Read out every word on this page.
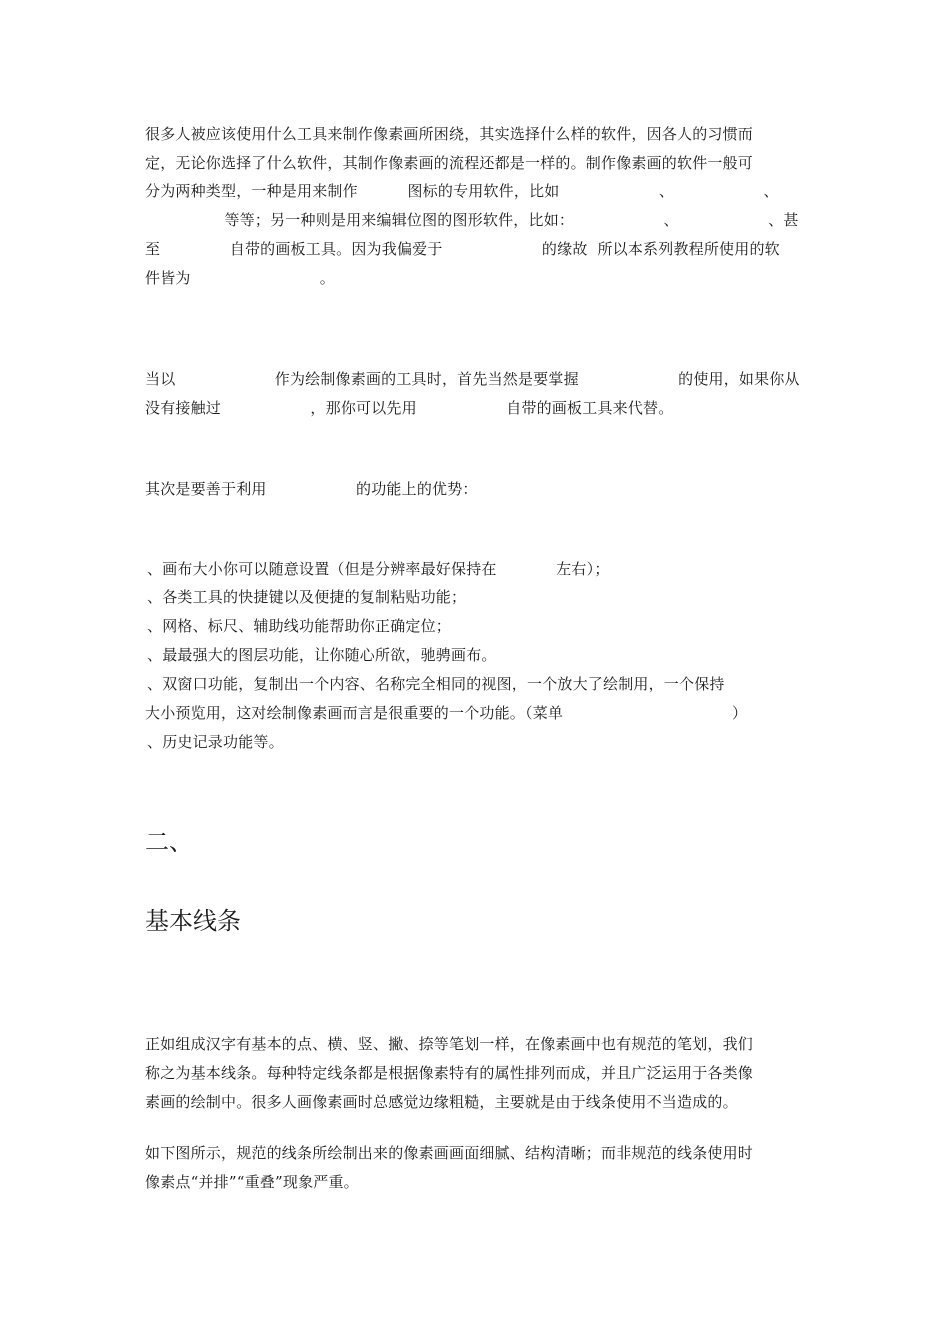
很多人被应该使用什么工具来制作像素画所困绕，其实选择什么样的软件，因各人的习惯而
定，无论你选择了什么软件，其制作像素画的流程还都是一样的。制作像素画的软件一般可
分为两种类型，一种是用来制作          图标的专用软件，比如                    、                  、
等等；另一种则是用来编辑位图的图形软件，比如：                  、                  、甚
至              自带的画板工具。因为我偏爱于                    的缘故  所以本系列教程所使用的软
件皆为                          。
当以                    作为绘制像素画的工具时，首先当然是要掌握                    的使用，如果你从
没有接触过                  ，那你可以先用                  自带的画板工具来代替。
其次是要善于利用                  的功能上的优势：
、画布大小你可以随意设置（但是分辨率最好保持在            左右）；
、各类工具的快捷键以及便捷的复制粘贴功能；
、网格、标尺、辅助线功能帮助你正确定位；
、最最强大的图层功能，让你随心所欲，驰骋画布。
、双窗口功能，复制出一个内容、名称完全相同的视图，一个放大了绘制用，一个保持
大小预览用，这对绘制像素画而言是很重要的一个功能。（菜单                                  ）
、历史记录功能等。
二、
基本线条
正如组成汉字有基本的点、横、竖、撇、捺等笔划一样，在像素画中也有规范的笔划，我们
称之为基本线条。每种特定线条都是根据像素特有的属性排列而成，并且广泛运用于各类像
素画的绘制中。很多人画像素画时总感觉边缘粗糙，主要就是由于线条使用不当造成的。
如下图所示，规范的线条所绘制出来的像素画画面细腻、结构清晰；而非规范的线条使用时
像素点“并排”“重叠”现象严重。
